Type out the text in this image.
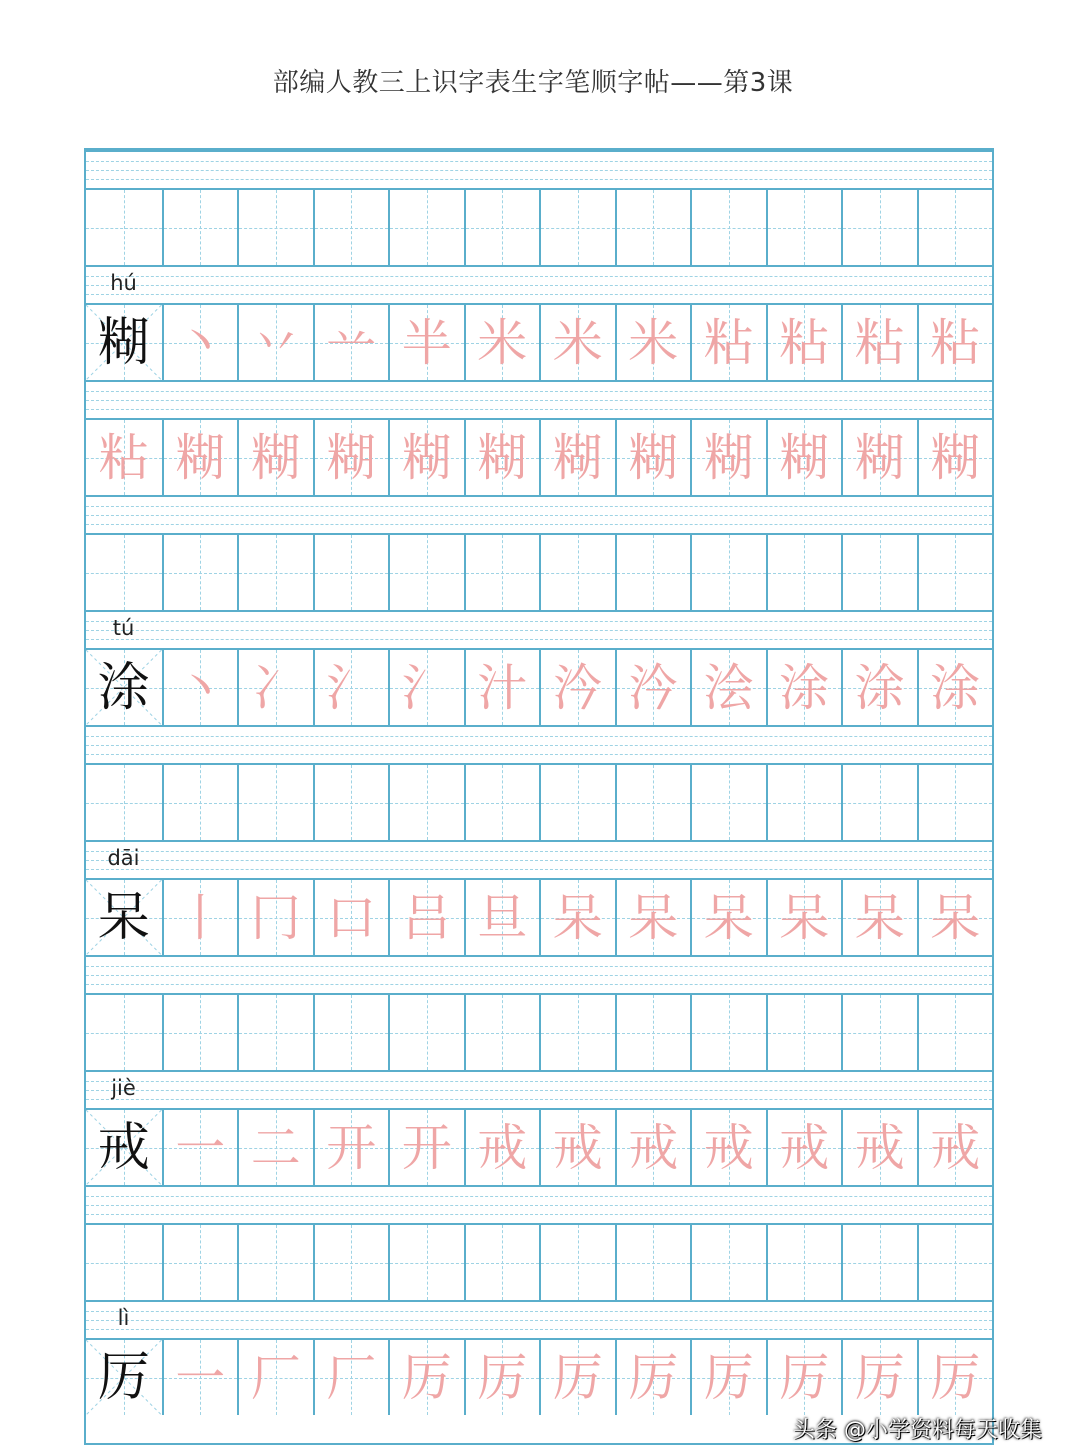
部编人教三上识字表生字笔顺字帖——第3课
hú
糊 丶 丷 䒑 半 米 米 米 粘 粘 粘 粘
粘 糊 糊 糊 糊 糊 糊 糊 糊 糊 糊 糊
tú
涂 丶 冫 氵 氵 汁 汵 汵 浍 涂 涂 涂
dāi
呆 丨 冂 口 吕 旦 呆 呆 呆 呆 呆 呆
jiè
戒 一 二 开 开 戒 戒 戒 戒 戒 戒 戒
lì
厉 一 厂 厂 厉 厉 厉 厉 厉 厉 厉 厉
头条 @小学资料每天收集
